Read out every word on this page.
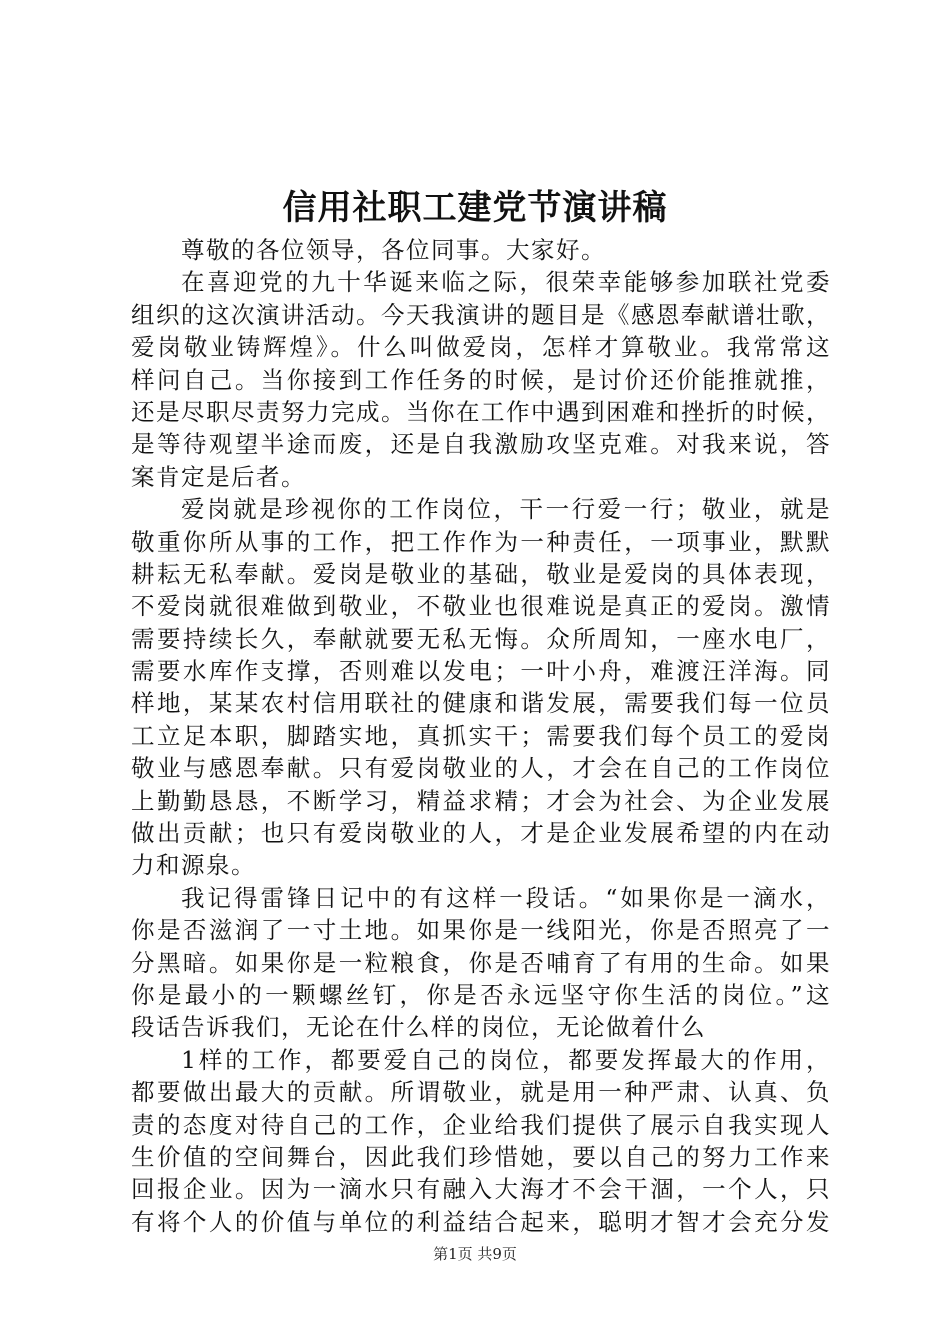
信用社职工建党节演讲稿
尊敬的各位领导，各位同事。大家好。
在喜迎党的九十华诞来临之际，很荣幸能够参加联社党委
组织的这次演讲活动。今天我演讲的题目是《感恩奉献谱壮歌，
爱岗敬业铸辉煌》。什么叫做爱岗，怎样才算敬业。我常常这
样问自己。当你接到工作任务的时候，是讨价还价能推就推，
还是尽职尽责努力完成。当你在工作中遇到困难和挫折的时候，
是等待观望半途而废，还是自我激励攻坚克难。对我来说，答
案肯定是后者。
爱岗就是珍视你的工作岗位，干一行爱一行；敬业，就是
敬重你所从事的工作，把工作作为一种责任，一项事业，默默
耕耘无私奉献。爱岗是敬业的基础，敬业是爱岗的具体表现，
不爱岗就很难做到敬业，不敬业也很难说是真正的爱岗。激情
需要持续长久，奉献就要无私无悔。众所周知，一座水电厂，
需要水库作支撑，否则难以发电；一叶小舟，难渡汪洋海。同
样地，某某农村信用联社的健康和谐发展，需要我们每一位员
工立足本职，脚踏实地，真抓实干；需要我们每个员工的爱岗
敬业与感恩奉献。只有爱岗敬业的人，才会在自己的工作岗位
上勤勤恳恳，不断学习，精益求精；才会为社会、为企业发展
做出贡献；也只有爱岗敬业的人，才是企业发展希望的内在动
力和源泉。
我记得雷锋日记中的有这样一段话。“如果你是一滴水，
你是否滋润了一寸土地。如果你是一线阳光，你是否照亮了一
分黑暗。如果你是一粒粮食，你是否哺育了有用的生命。如果
你是最小的一颗螺丝钉，你是否永远坚守你生活的岗位。”这
段话告诉我们，无论在什么样的岗位，无论做着什么
1样的工作，都要爱自己的岗位，都要发挥最大的作用，
都要做出最大的贡献。所谓敬业，就是用一种严肃、认真、负
责的态度对待自己的工作，企业给我们提供了展示自我实现人
生价值的空间舞台，因此我们珍惜她，要以自己的努力工作来
回报企业。因为一滴水只有融入大海才不会干涸，一个人，只
有将个人的价值与单位的利益结合起来，聪明才智才会充分发
第1页 共9页
